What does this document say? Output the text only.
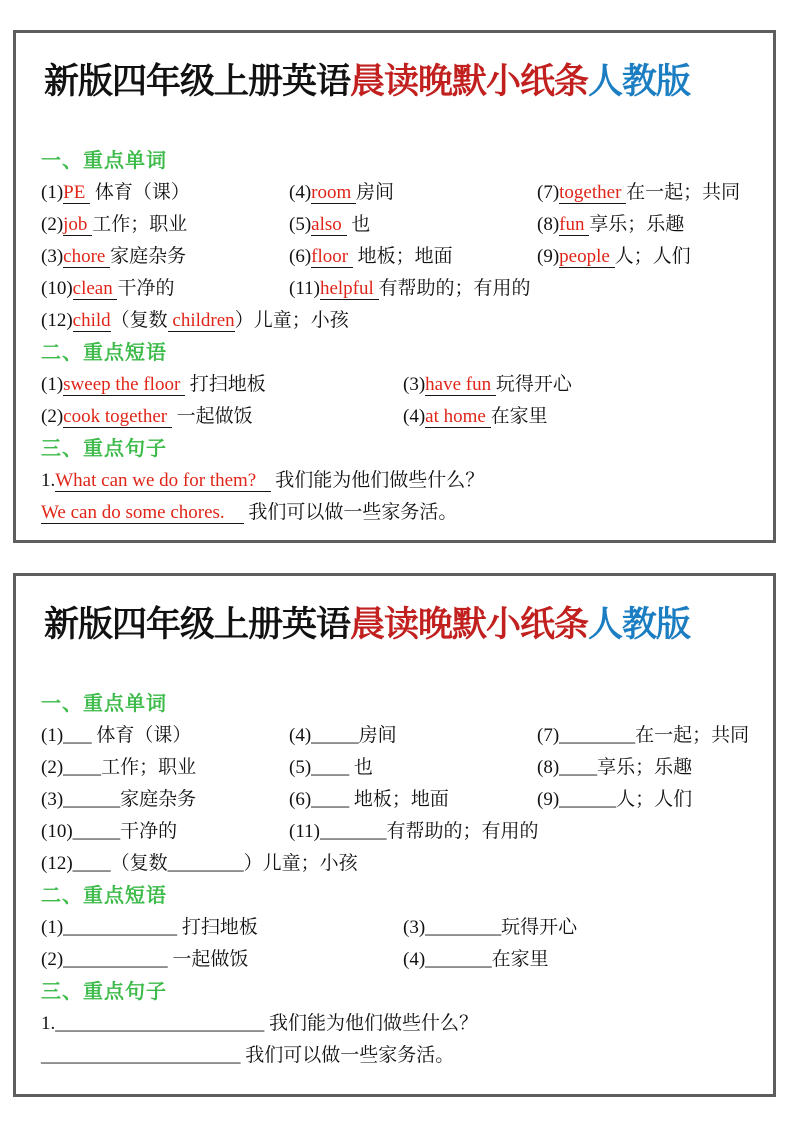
新版四年级上册英语晨读晚默小纸条人教版
一、重点单词
(1)PE  体育（课）	(4)room 房间	(7)together 在一起；共同
(2)job 工作；职业	(5)also  也	(8)fun 享乐；乐趣
(3)chore 家庭杂务	(6)floor  地板；地面	(9)people 人；人们
(10)clean 干净的	(11)helpful 有帮助的；有用的
(12)child（复数 children）儿童；小孩
二、重点短语
(1)sweep the floor  打扫地板	(3)have fun 玩得开心
(2)cook together  一起做饭	(4)at home 在家里
三、重点句子
1.What can we do for them?    我们能为他们做些什么？
We can do some chores.     我们可以做一些家务活。
新版四年级上册英语晨读晚默小纸条人教版
一、重点单词
(1)___ 体育（课）	(4)_____房间	(7)________在一起；共同
(2)____工作；职业	(5)____ 也	(8)____享乐；乐趣
(3)______家庭杂务	(6)____ 地板；地面	(9)______人；人们
(10)_____干净的	(11)_______有帮助的；有用的
(12)____（复数________）儿童；小孩
二、重点短语
(1)____________ 打扫地板	(3)________玩得开心
(2)___________ 一起做饭	(4)_______在家里
三、重点句子
1.______________________ 我们能为他们做些什么？
_____________________ 我们可以做一些家务活。
